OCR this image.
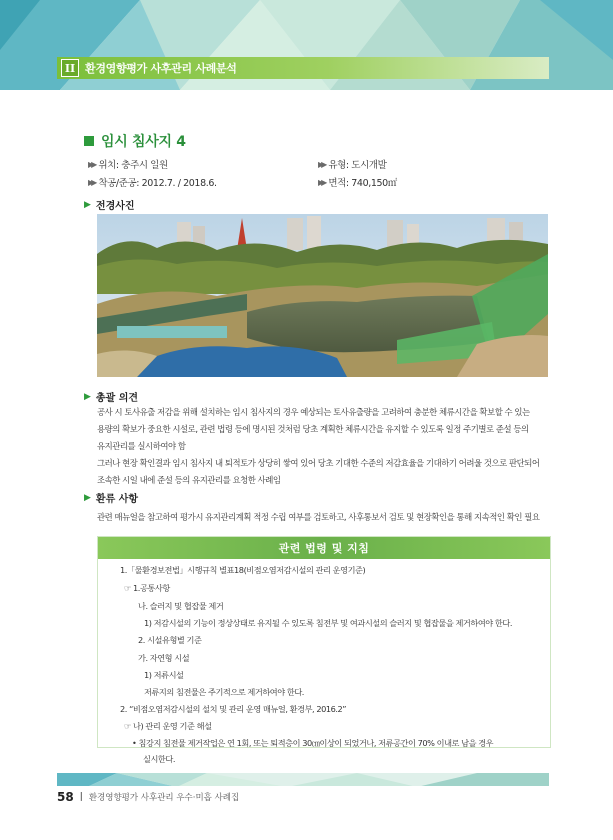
II 환경영향평가 사후관리 사례분석
임시 침사지 4
▶▶ 위치: 충주시 일원	▶▶ 유형: 도시개발
▶▶ 착공/준공: 2012.7. / 2018.6.	▶▶ 면적: 740,150 ㎡
▶ 전경사진
▶ 총괄 의견
공사 시 토사유출 저감을 위해 설치하는 임시 침사지의 경우 예상되는 토사유출량을 고려하여 충분한 체류시간을 확보할 수 있는
용량의 확보가 중요한 시설로, 관련 법령 등에 명시된 것처럼 당초 계획한 체류시간을 유지할 수 있도록 일정 주기별로 준설 등의
유지관리를 실시하여야 함
그러나 현장 확인결과 임시 침사지 내 퇴적토가 상당히 쌓여 있어 당초 기대한 수준의 저감효율을 기대하기 어려울 것으로 판단되어
조속한 시일 내에 준설 등의 유지관리를 요청한 사례임
▶ 환류 사항
관련 매뉴얼을 참고하여 평가시 유지관리계획 적정 수립 여부를 검토하고, 사후통보서 검토 및 현장확인을 통해 지속적인 확인 필요
관련 법령 및 지침
1.「물환경보전법」시행규칙 별표18(비점오염저감시설의 관리 운영기준)
☞ 1.공통사항
나. 슬러지 및 협잡물 제거
1) 저감시설의 기능이 정상상태로 유지될 수 있도록 침전부 및 여과시설의 슬러지 및 협잡물을 제거하여야 한다.
2. 시설유형별 기준
가. 자연형 시설
1) 저류시설
저류지의 침전물은 주기적으로 제거하여야 한다.
2. “비점오염저감시설의 설치 및 관리 운영 매뉴얼, 환경부, 2016.2”
☞ 나) 관리 운영 기준 해설
• 침강지 침전물 제거작업은 연 1회, 또는 퇴적층이 30㎝이상이 되었거나, 저류공간이 70% 이내로 남을 경우
실시한다.
58 | 환경영향평가 사후관리 우수·미흡 사례집
